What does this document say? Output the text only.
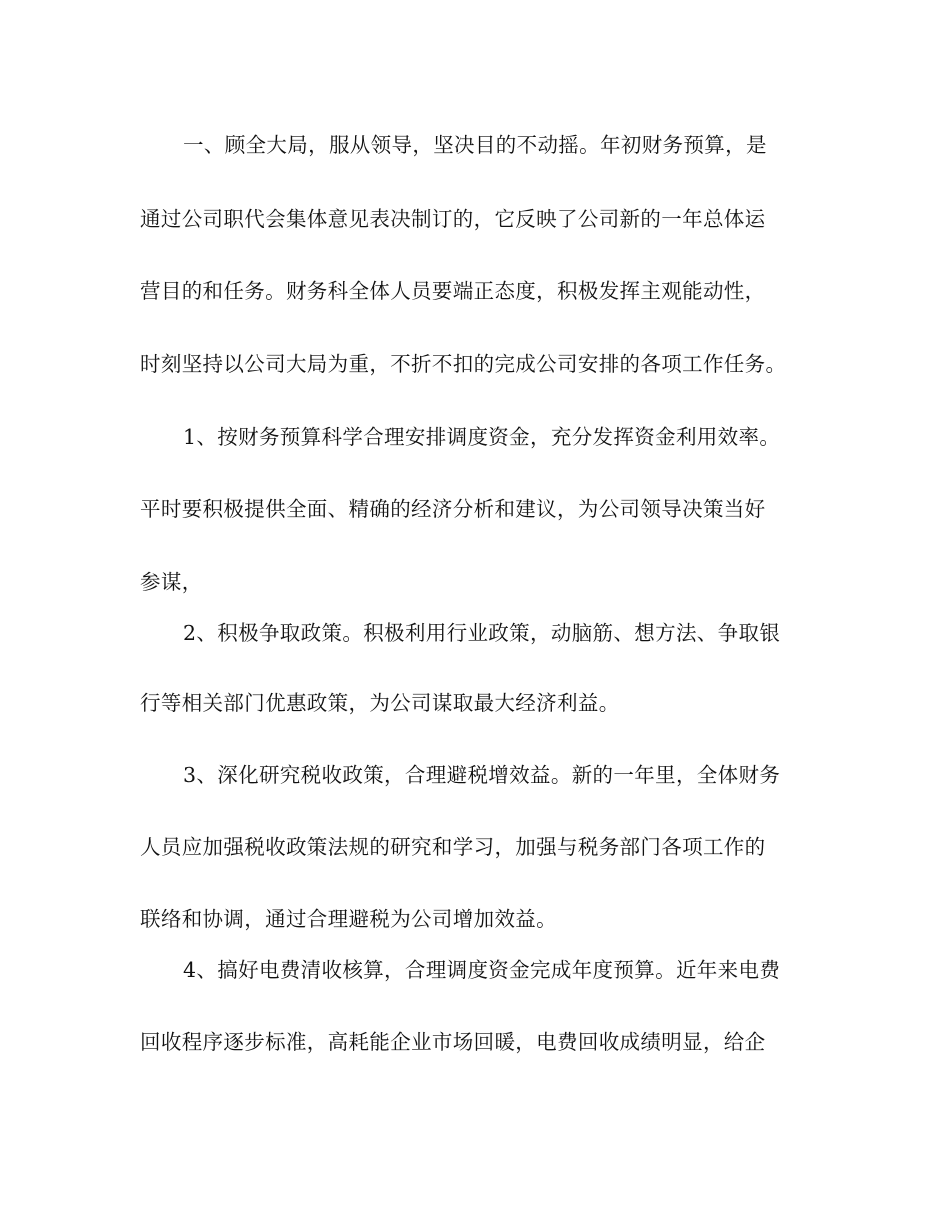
一、顾全大局，服从领导，坚决目的不动摇。年初财务预算，是
通过公司职代会集体意见表决制订的，它反映了公司新的一年总体运
营目的和任务。财务科全体人员要端正态度，积极发挥主观能动性，
时刻坚持以公司大局为重，不折不扣的完成公司安排的各项工作任务。
1、按财务预算科学合理安排调度资金，充分发挥资金利用效率。
平时要积极提供全面、精确的经济分析和建议，为公司领导决策当好
参谋，
2、积极争取政策。积极利用行业政策，动脑筋、想方法、争取银
行等相关部门优惠政策，为公司谋取最大经济利益。
3、深化研究税收政策，合理避税增效益。新的一年里，全体财务
人员应加强税收政策法规的研究和学习，加强与税务部门各项工作的
联络和协调，通过合理避税为公司增加效益。
4、搞好电费清收核算，合理调度资金完成年度预算。近年来电费
回收程序逐步标准，高耗能企业市场回暖，电费回收成绩明显，给企
